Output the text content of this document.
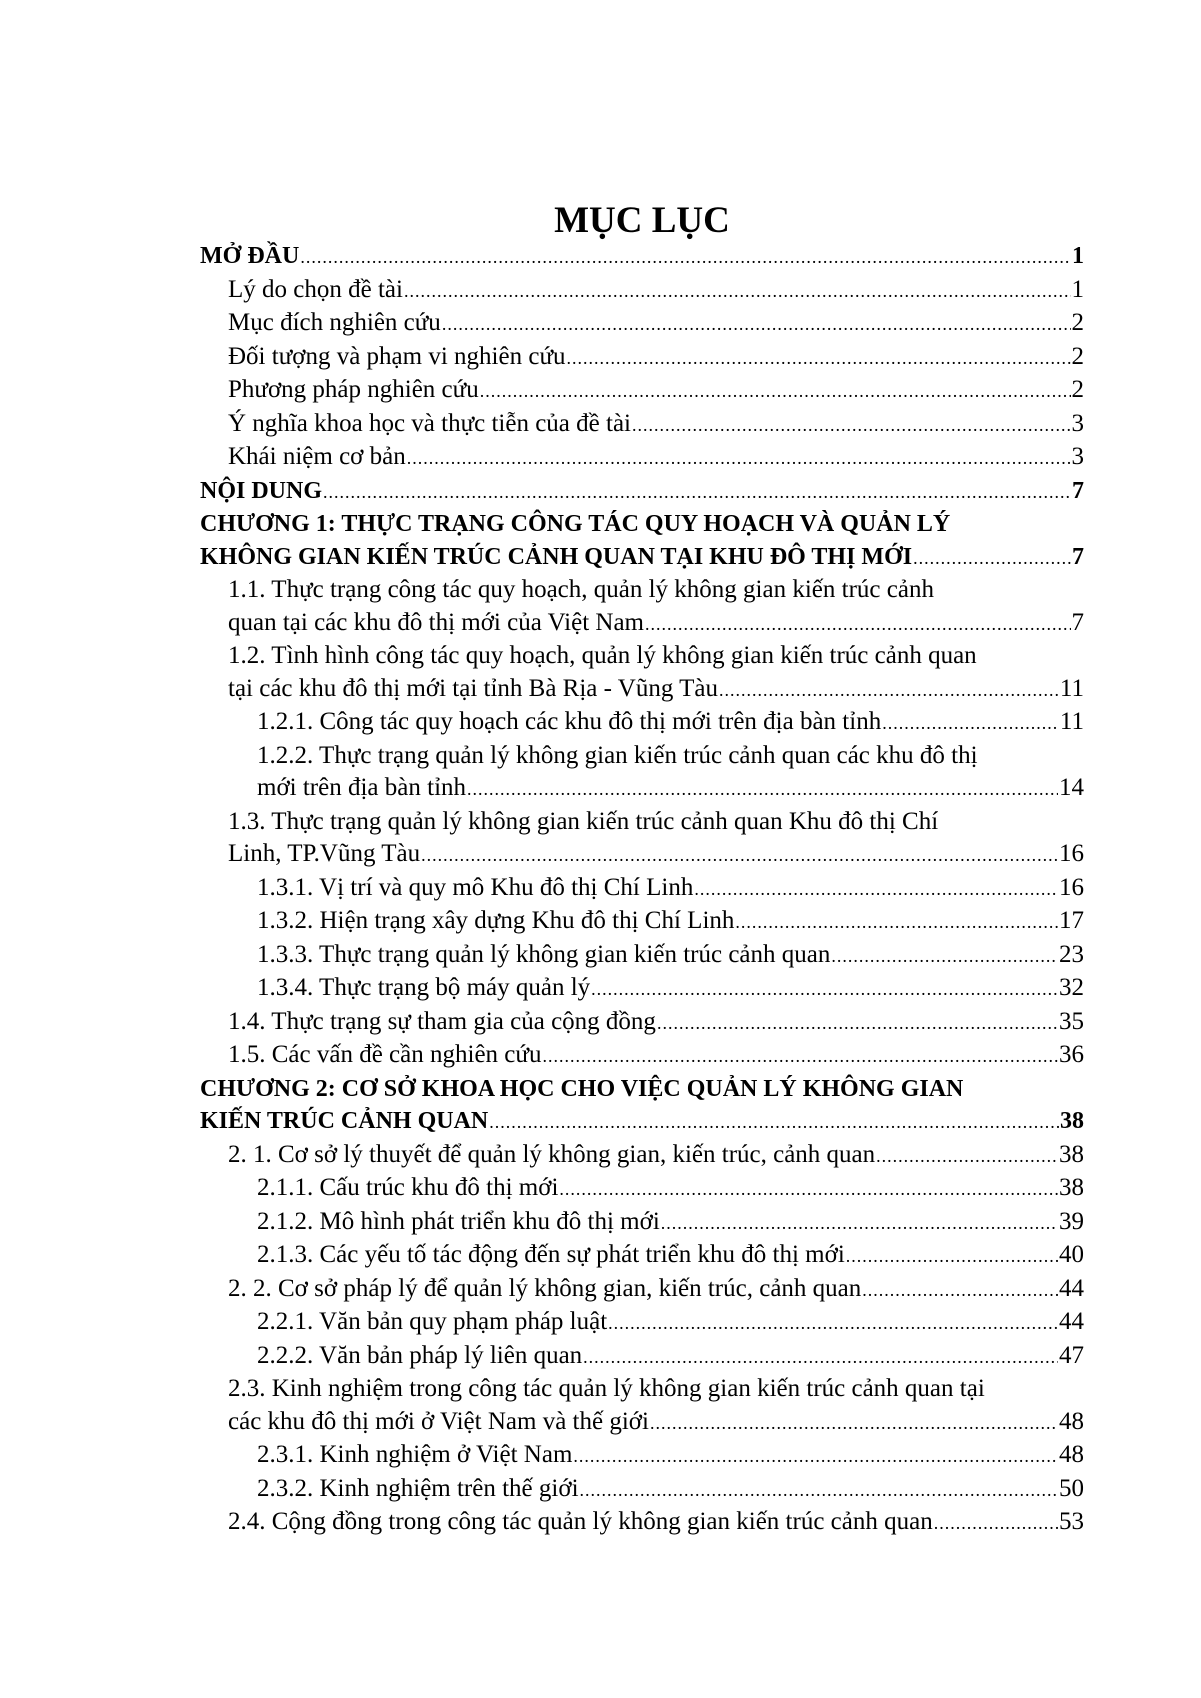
MỤC LỤC
MỞ ĐẦU .....	1
Lý do chọn đề tài .....	1
Mục đích nghiên cứu .....	2
Đối tượng và phạm vi nghiên cứu .....	2
Phương pháp nghiên cứu .....	2
Ý nghĩa khoa học và thực tiễn của đề tài .....	3
Khái niệm cơ bản .....	3
NỘI DUNG .....	7
CHƯƠNG 1: THỰC TRẠNG CÔNG TÁC QUY HOẠCH VÀ QUẢN LÝ
KHÔNG GIAN KIẾN TRÚC CẢNH QUAN TẠI KHU ĐÔ THỊ MỚI .....	7
1.1. Thực trạng công tác quy hoạch, quản lý không gian kiến trúc cảnh
quan tại các khu đô thị mới của Việt Nam .....	7
1.2. Tình hình công tác quy hoạch, quản lý không gian kiến trúc cảnh quan
tại các khu đô thị mới tại tỉnh Bà Rịa - Vũng Tàu .....	11
1.2.1. Công tác quy hoạch các khu đô thị mới trên địa bàn tỉnh .....	11
1.2.2. Thực trạng quản lý không gian kiến trúc cảnh quan các khu đô thị
mới trên địa bàn tỉnh .....	14
1.3. Thực trạng quản lý không gian kiến trúc cảnh quan Khu đô thị Chí
Linh, TP.Vũng Tàu .....	16
1.3.1. Vị trí và quy mô Khu đô thị Chí Linh .....	16
1.3.2. Hiện trạng xây dựng Khu đô thị Chí Linh .....	17
1.3.3. Thực trạng quản lý không gian kiến trúc cảnh quan .....	23
1.3.4. Thực trạng bộ máy quản lý .....	32
1.4. Thực trạng sự tham gia của cộng đồng .....	35
1.5. Các vấn đề cần nghiên cứu .....	36
CHƯƠNG 2: CƠ SỞ KHOA HỌC CHO VIỆC QUẢN LÝ KHÔNG GIAN
KIẾN TRÚC CẢNH QUAN .....	38
2. 1. Cơ sở lý thuyết để quản lý không gian, kiến trúc, cảnh quan .....	38
2.1.1. Cấu trúc khu đô thị mới .....	38
2.1.2. Mô hình phát triển khu đô thị mới .....	39
2.1.3. Các yếu tố tác động đến sự phát triển khu đô thị mới .....	40
2. 2. Cơ sở pháp lý để quản lý không gian, kiến trúc, cảnh quan .....	44
2.2.1. Văn bản quy phạm pháp luật .....	44
2.2.2. Văn bản pháp lý liên quan .....	47
2.3. Kinh nghiệm trong công tác quản lý không gian kiến trúc cảnh quan tại
các khu đô thị mới ở Việt Nam và thế giới .....	48
2.3.1. Kinh nghiệm ở Việt Nam .....	48
2.3.2. Kinh nghiệm trên thế giới .....	50
2.4. Cộng đồng trong công tác quản lý không gian kiến trúc cảnh quan .....	53
